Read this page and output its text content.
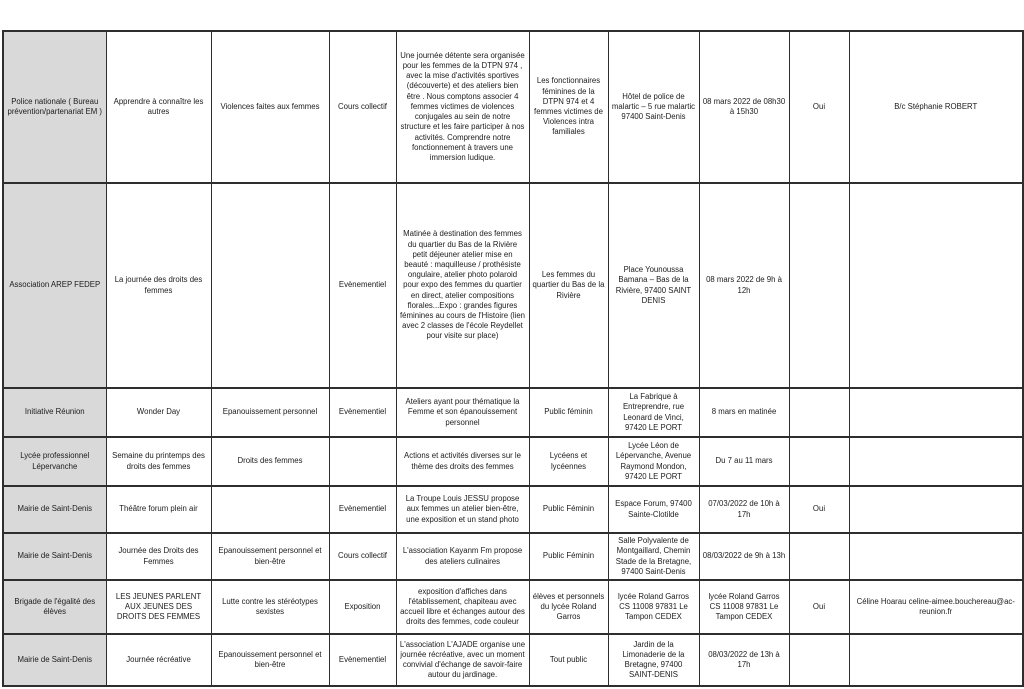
Police nationale ( Bureau prévention/partenariat EM )	Apprendre à connaître les autres	Violences faites aux femmes	Cours collectif	Une journée détente sera organisée pour les femmes de la DTPN 974 , avec la mise d'activités sportives (découverte) et des ateliers bien être . Nous comptons associer 4 femmes victimes de violences conjugales au sein de notre structure et les faire participer à nos activités. Comprendre notre fonctionnement à travers une immersion ludique.	Les fonctionnaires féminines de la DTPN 974 et 4 femmes victimes de Violences intra familiales	Hôtel de police de malartic – 5 rue malartic 97400 Saint-Denis	08 mars 2022 de 08h30 à 15h30	Oui	B/c Stéphanie ROBERT
Association AREP FEDEP	La journée des droits des femmes		Evènementiel	Matinée à destination des femmes du quartier du Bas de la Rivière petit déjeuner atelier mise en beauté : maquilleuse / prothésiste ongulaire, atelier photo polaroid pour expo des femmes du quartier en direct, atelier compositions florales...Expo : grandes figures féminines au cours de l'Histoire (lien avec 2 classes de l'école Reydellet pour visite sur place)	Les femmes du quartier du Bas de la Rivière	Place Younoussa Bamana – Bas de la Rivière, 97400 SAINT DENIS	08 mars 2022 de 9h à 12h		
Initiative Réunion	Wonder Day	Epanouissement personnel	Evènementiel	Ateliers ayant pour thématique la Femme et son épanouissement personnel	Public féminin	La Fabrique à Entreprendre, rue Leonard de Vinci, 97420 LE PORT	8 mars en matinée		
Lycée professionnel Lépervanche	Semaine du printemps des droits des femmes	Droits des femmes		Actions et activités diverses sur le thème des droits des femmes	Lycéens et lycéennes	Lycée Léon de Lépervanche, Avenue Raymond Mondon, 97420 LE PORT	Du 7 au 11 mars		
Mairie de Saint-Denis	Théâtre forum plein air		Evènementiel	La Troupe Louis JESSU propose aux femmes un atelier bien-être, une exposition et un stand photo	Public Féminin	Espace Forum, 97400 Sainte-Clotilde	07/03/2022 de 10h à 17h	Oui	
Mairie de Saint-Denis	Journée des Droits des Femmes	Epanouissement personnel et bien-être	Cours collectif	L'association Kayanm Fm propose des ateliers culinaires	Public Féminin	Salle Polyvalente de Montgaillard, Chemin Stade de la Bretagne, 97400 Saint-Denis	08/03/2022 de 9h à 13h		
Brigade de l'égalité des élèves	LES JEUNES PARLENT AUX JEUNES DES DROITS DES FEMMES	Lutte contre les stéréotypes sexistes	Exposition	exposition d'affiches dans l'établissement, chapiteau avec accueil libre et échanges autour des droits des femmes, code couleur	élèves et personnels du lycée Roland Garros	lycée Roland Garros CS 11008 97831 Le Tampon CEDEX	lycée Roland Garros CS 11008 97831 Le Tampon CEDEX	Oui	Céline Hoarau celine-aimee.bouchereau@ac-reunion.fr
Mairie de Saint-Denis	Journée récréative	Epanouissement personnel et bien-être	Evènementiel	L'association L'AJADE organise une journée récréative, avec un moment convivial d'échange de savoir-faire autour du jardinage.	Tout public	Jardin de la Limonaderie de la Bretagne, 97400 SAINT-DENIS	08/03/2022 de 13h à 17h		
